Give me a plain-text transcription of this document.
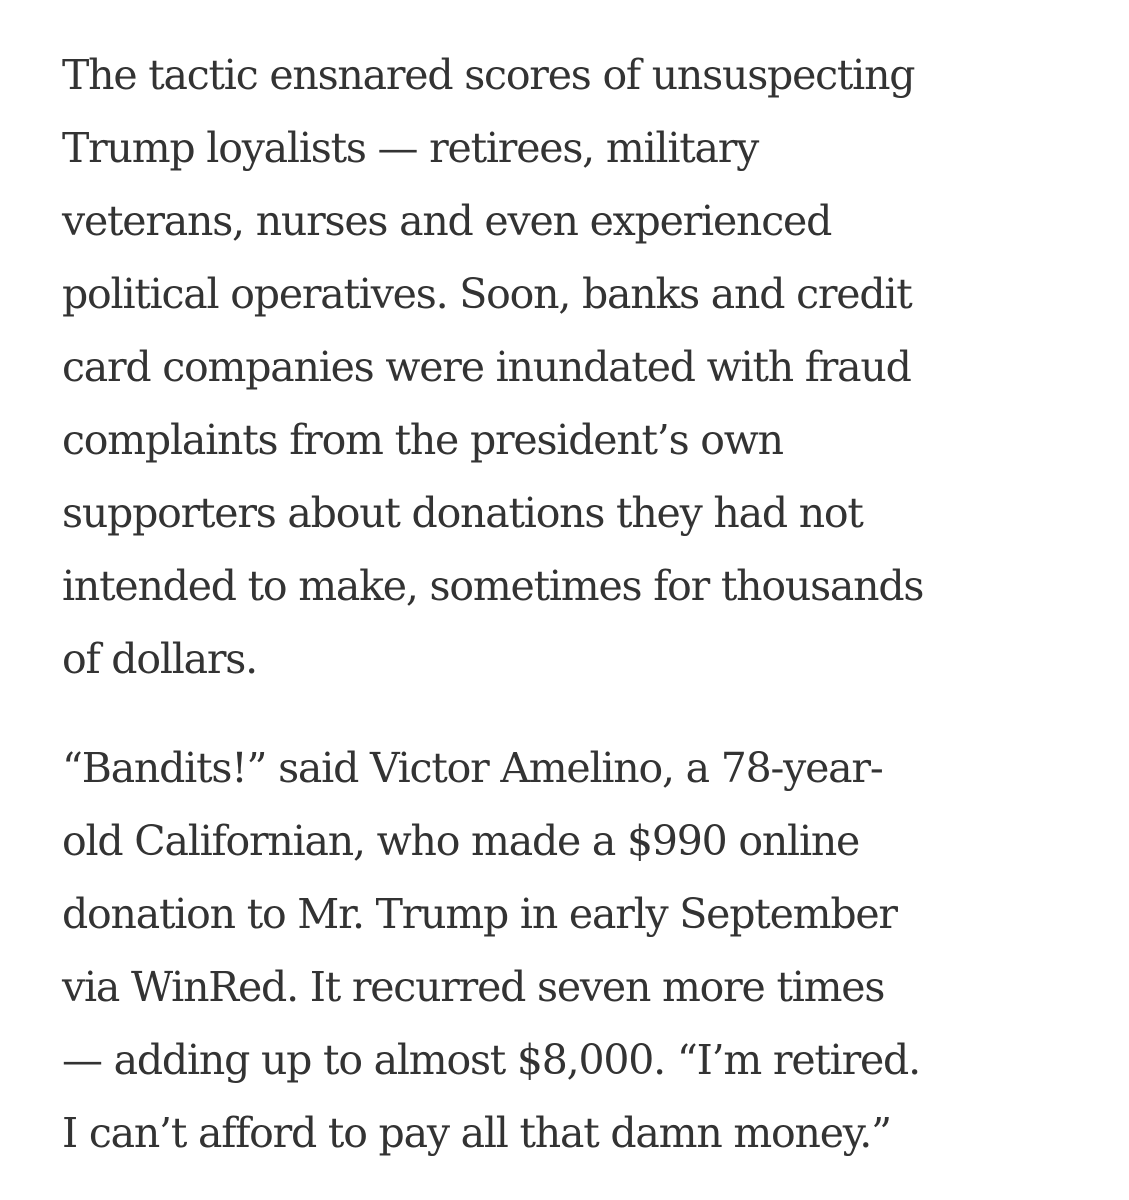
The tactic ensnared scores of unsuspecting
Trump loyalists — retirees, military
veterans, nurses and even experienced
political operatives. Soon, banks and credit
card companies were inundated with fraud
complaints from the president’s own
supporters about donations they had not
intended to make, sometimes for thousands
of dollars.
“Bandits!” said Victor Amelino, a 78-year-
old Californian, who made a $990 online
donation to Mr. Trump in early September
via WinRed. It recurred seven more times
— adding up to almost $8,000. “I’m retired.
I can’t afford to pay all that damn money.”
